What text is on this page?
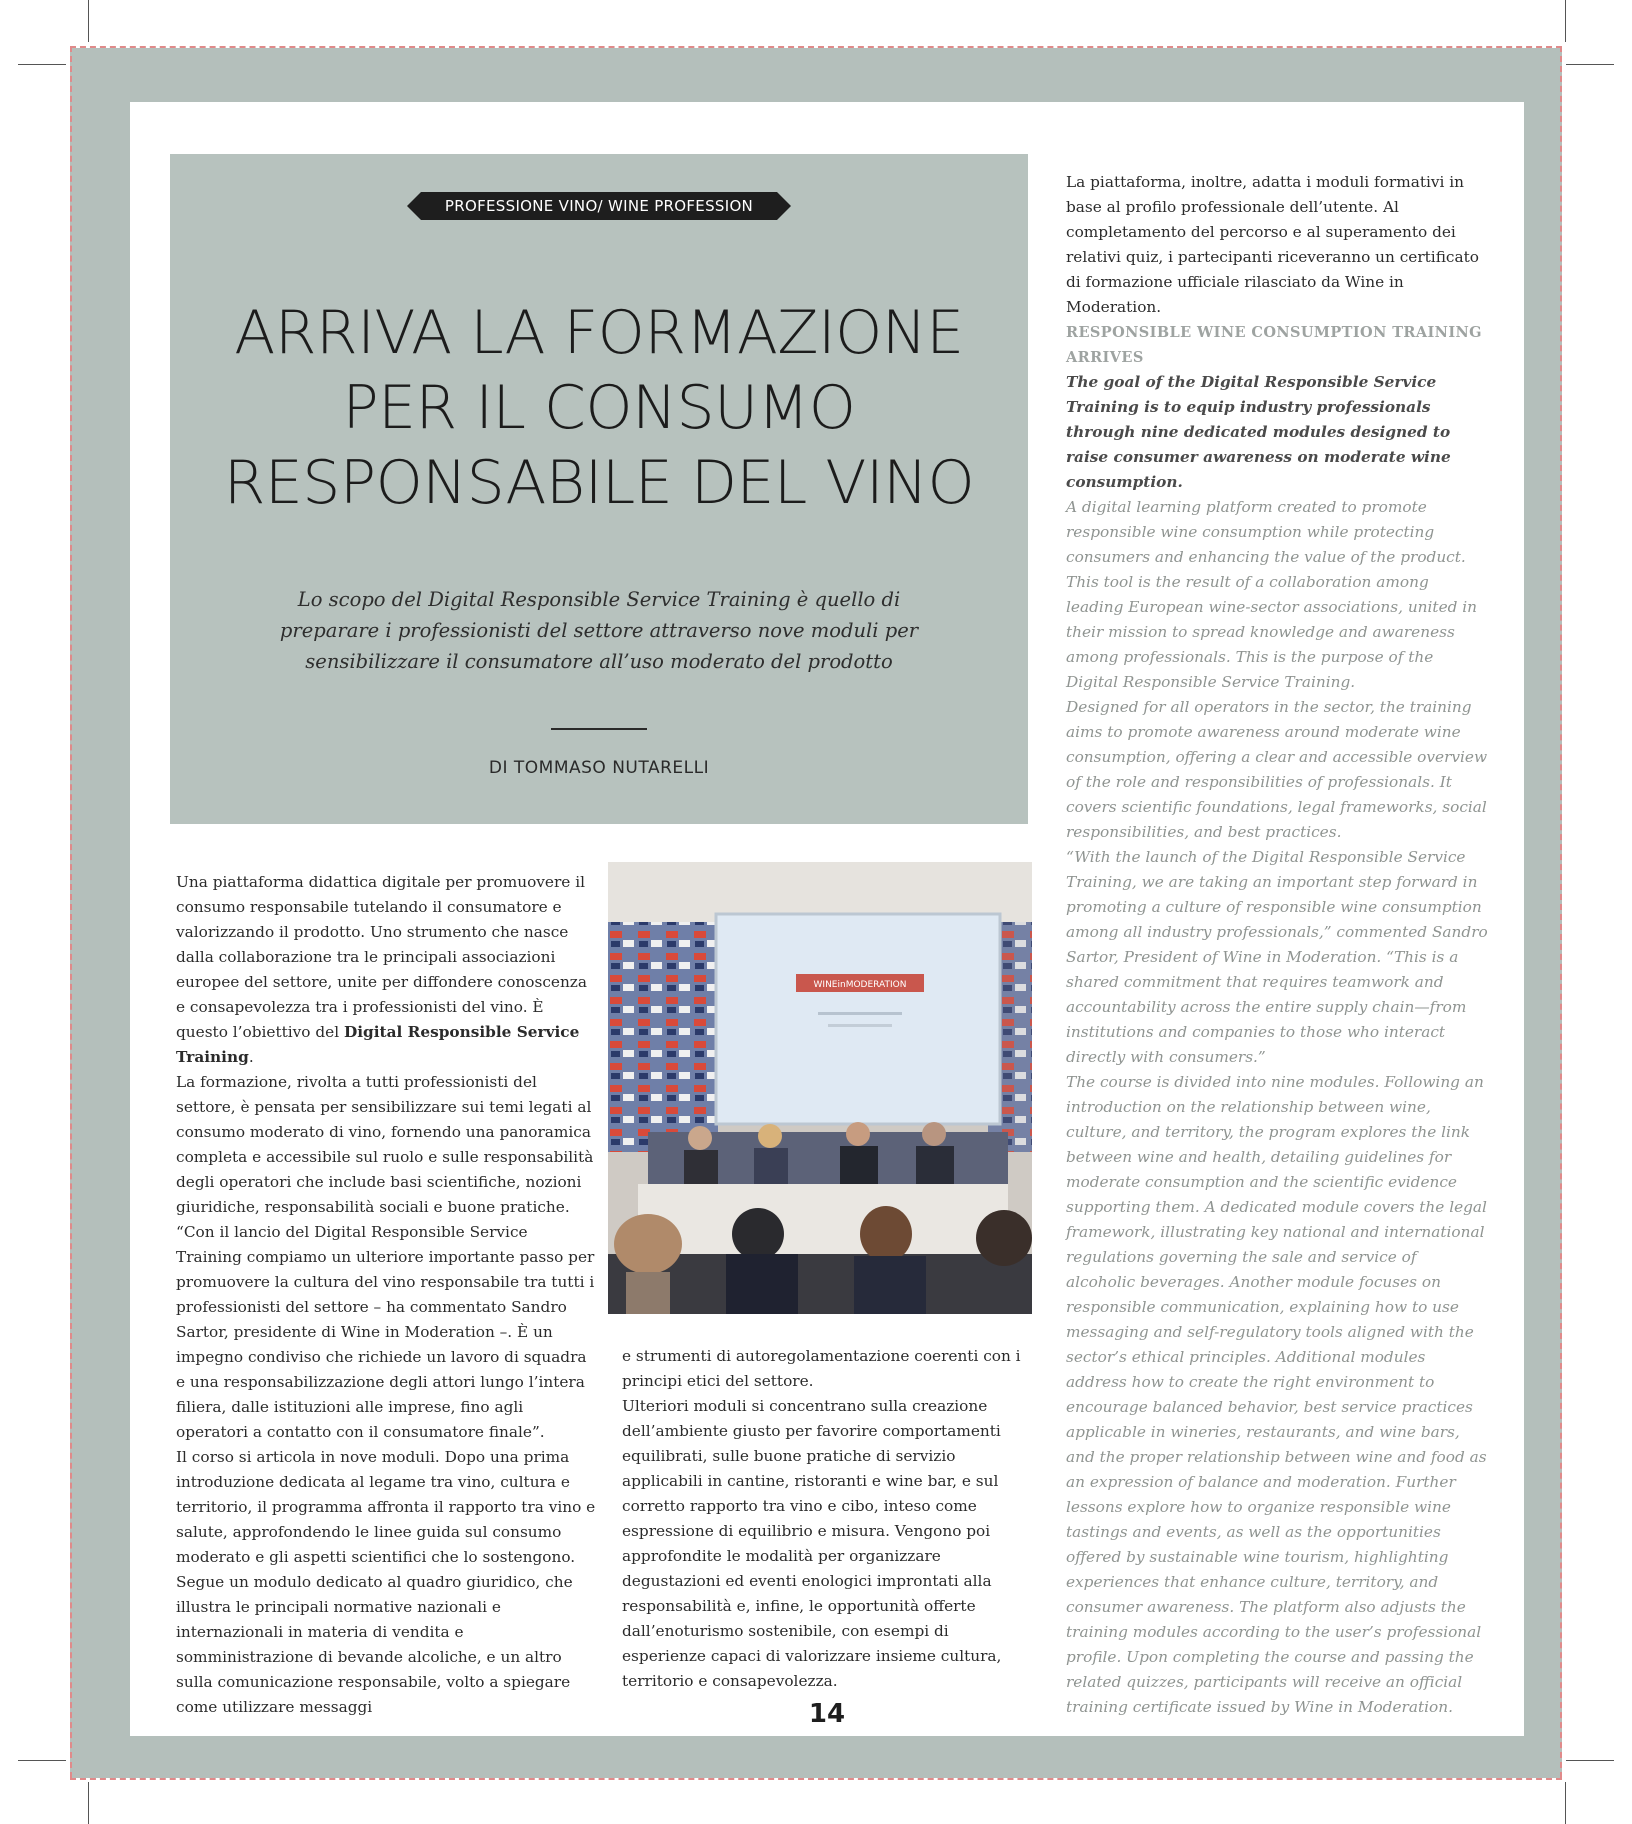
PROFESSIONE VINO/ WINE PROFESSION
ARRIVA LA FORMAZIONE
PER IL CONSUMO
RESPONSABILE DEL VINO
Lo scopo del Digital Responsible Service Training è quello di preparare i professionisti del settore attraverso nove moduli per sensibilizzare il consumatore all’uso moderato del prodotto
DI TOMMASO NUTARELLI

Una piattaforma didattica digitale per promuovere il consumo responsabile tutelando il consumatore e valorizzando il prodotto. Uno strumento che nasce dalla collaborazione tra le principali associazioni europee del settore, unite per diffondere conoscenza e consapevolezza tra i professionisti del vino. È questo l’obiettivo del Digital Responsible Service Training.

La formazione, rivolta a tutti professionisti del settore, è pensata per sensibilizzare sui temi legati al consumo moderato di vino, fornendo una panoramica completa e accessibile sul ruolo e sulle responsabilità degli operatori che include basi scientifiche, nozioni giuridiche, responsabilità sociali e buone pratiche.

“Con il lancio del Digital Responsible Service Training compiamo un ulteriore importante passo per promuovere la cultura del vino responsabile tra tutti i professionisti del settore – ha commentato Sandro Sartor, presidente di Wine in Moderation –. È un impegno condiviso che richiede un lavoro di squadra e una responsabilizzazione degli attori lungo l’intera filiera, dalle istituzioni alle imprese, fino agli operatori a contatto con il consumatore finale”.

Il corso si articola in nove moduli. Dopo una prima introduzione dedicata al legame tra vino, cultura e territorio, il programma affronta il rapporto tra vino e salute, approfondendo le linee guida sul consumo moderato e gli aspetti scientifici che lo sostengono. Segue un modulo dedicato al quadro giuridico, che illustra le principali normative nazionali e internazionali in materia di vendita e somministrazione di bevande alcoliche, e un altro sulla comunicazione responsabile, volto a spiegare come utilizzare messaggi

WINEinMODERATION

e strumenti di autoregolamentazione coerenti con i principi etici del settore.

Ulteriori moduli si concentrano sulla creazione dell’ambiente giusto per favorire comportamenti equilibrati, sulle buone pratiche di servizio applicabili in cantine, ristoranti e wine bar, e sul corretto rapporto tra vino e cibo, inteso come espressione di equilibrio e misura. Vengono poi approfondite le modalità per organizzare degustazioni ed eventi enologici improntati alla responsabilità e, infine, le opportunità offerte dall’enoturismo sostenibile, con esempi di esperienze capaci di valorizzare insieme cultura, territorio e consapevolezza.

La piattaforma, inoltre, adatta i moduli formativi in base al profilo professionale dell’utente. Al completamento del percorso e al superamento dei relativi quiz, i partecipanti riceveranno un certificato di formazione ufficiale rilasciato da Wine in Moderation.

RESPONSIBLE WINE CONSUMPTION TRAINING ARRIVES
The goal of the Digital Responsible Service Training is to equip industry professionals through nine dedicated modules designed to raise consumer awareness on moderate wine consumption.

A digital learning platform created to promote responsible wine consumption while protecting consumers and enhancing the value of the product. This tool is the result of a collaboration among leading European wine-sector associations, united in their mission to spread knowledge and awareness among professionals. This is the purpose of the Digital Responsible Service Training.

Designed for all operators in the sector, the training aims to promote awareness around moderate wine consumption, offering a clear and accessible overview of the role and responsibilities of professionals. It covers scientific foundations, legal frameworks, social responsibilities, and best practices.

“With the launch of the Digital Responsible Service Training, we are taking an important step forward in promoting a culture of responsible wine consumption among all industry professionals,” commented Sandro Sartor, President of Wine in Moderation. “This is a shared commitment that requires teamwork and accountability across the entire supply chain—from institutions and companies to those who interact directly with consumers.”

The course is divided into nine modules. Following an introduction on the relationship between wine, culture, and territory, the program explores the link between wine and health, detailing guidelines for moderate consumption and the scientific evidence supporting them. A dedicated module covers the legal framework, illustrating key national and international regulations governing the sale and service of alcoholic beverages. Another module focuses on responsible communication, explaining how to use messaging and self-regulatory tools aligned with the sector’s ethical principles. Additional modules address how to create the right environment to encourage balanced behavior, best service practices applicable in wineries, restaurants, and wine bars, and the proper relationship between wine and food as an expression of balance and moderation. Further lessons explore how to organize responsible wine tastings and events, as well as the opportunities offered by sustainable wine tourism, highlighting experiences that enhance culture, territory, and consumer awareness. The platform also adjusts the training modules according to the user’s professional profile. Upon completing the course and passing the related quizzes, participants will receive an official training certificate issued by Wine in Moderation.

14
